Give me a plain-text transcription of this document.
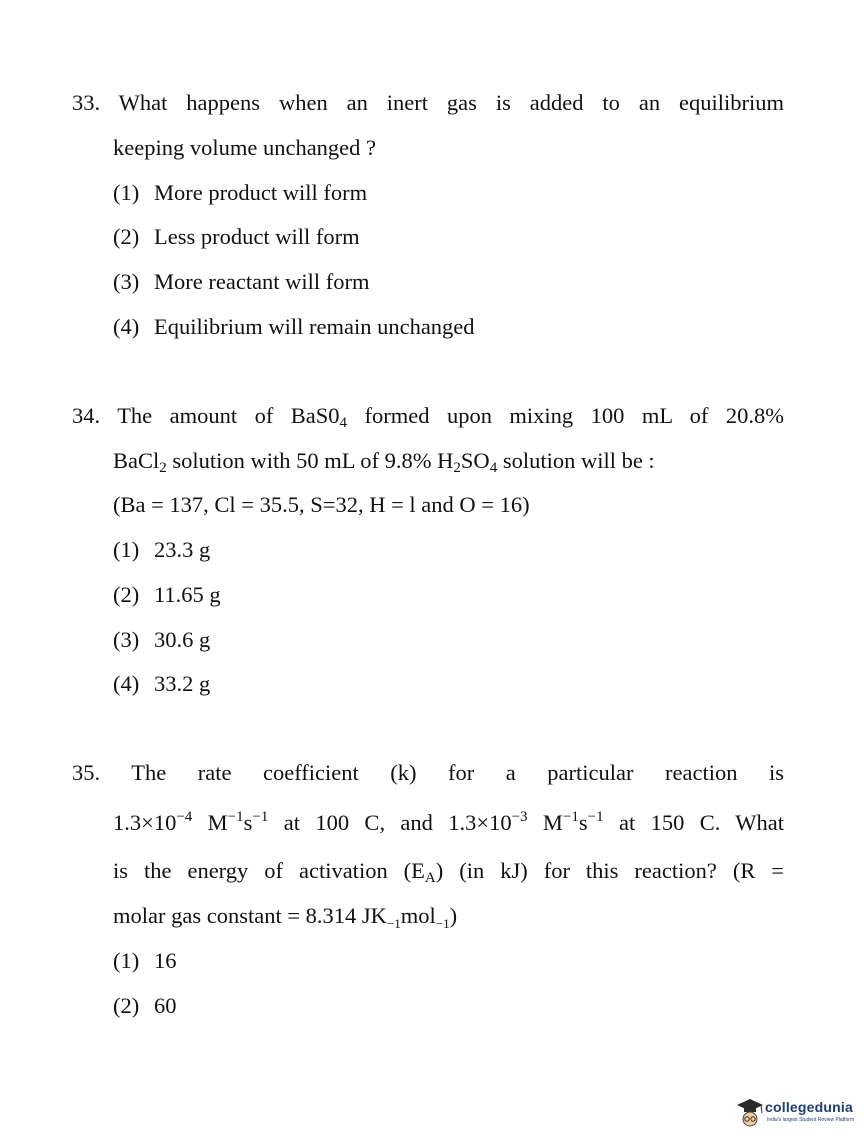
33. What happens when an inert gas is added to an equilibrium
keeping volume unchanged ?
(1) More product will form
(2) Less product will form
(3) More reactant will form
(4) Equilibrium will remain unchanged
34. The amount of $BaS0_4$ formed upon mixing 100 mL of 20.8%
BaCl$_2$ solution with 50 mL of 9.8% $H_2SO_4$ solution will be :
(Ba = 137, Cl = 35.5, S=32, H = l and O = 16)
(1) 23.3 g
(2) 11.65 g
(3) 30.6 g
(4) 33.2 g
35. The rate coefficient (k) for a particular reaction is
$1.3\times 10^{-4}$ $M^{-1}s^{-1}$ at 100 C, and $1.3\times 10^{-3}$ $M^{-1}s^{-1}$ at 150 C. What
is the energy of activation $(E_A)$ (in kJ) for this reaction? (R =
molar gas constant = 8.314 $JK_{-1}mol_{-1}$)
(1) 16
(2) 60
collegedunia
India's largest Student Review Platform
